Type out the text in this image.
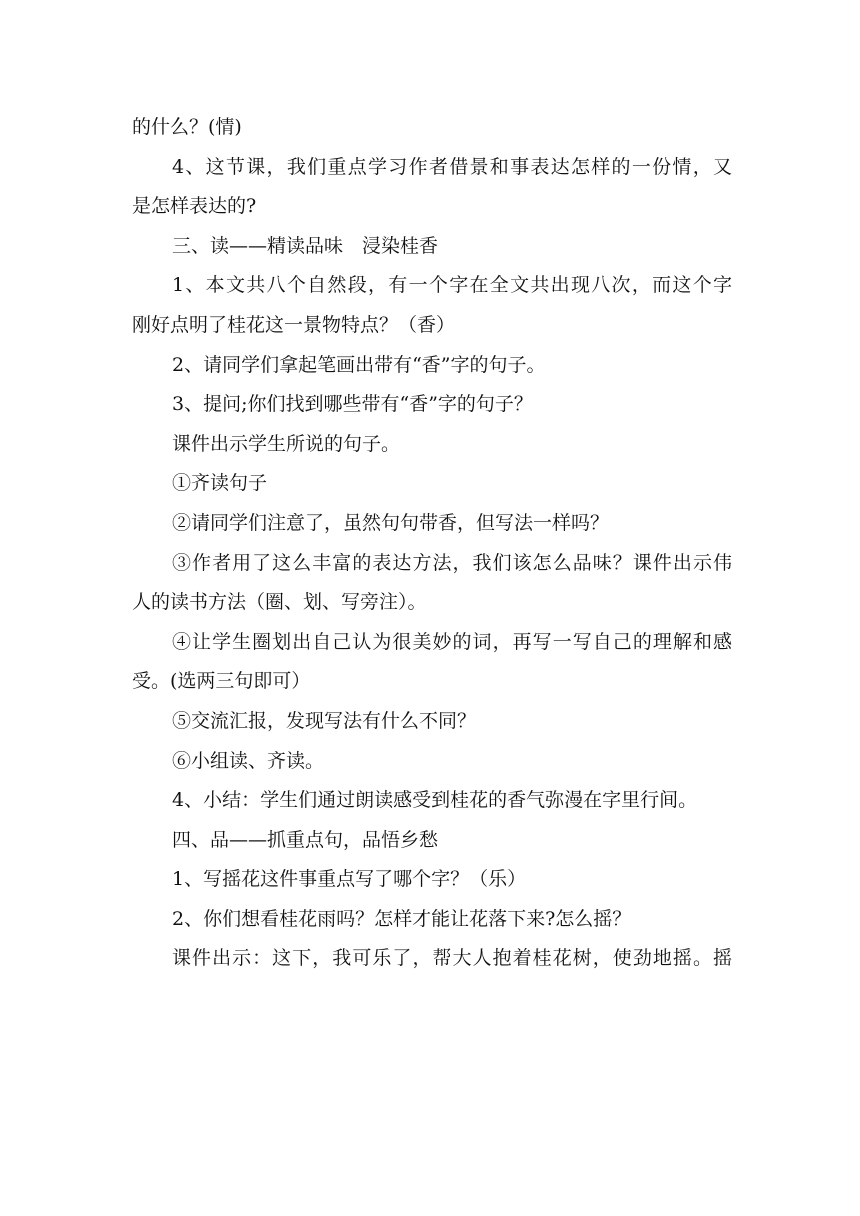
的什么？(情)
4、这节课，我们重点学习作者借景和事表达怎样的一份情，又
是怎样表达的?
三、读——精读品味　浸染桂香
1、本文共八个自然段，有一个字在全文共出现八次，而这个字
刚好点明了桂花这一景物特点？（香）
2、请同学们拿起笔画出带有“香”字的句子。
3、提问;你们找到哪些带有“香”字的句子？
课件出示学生所说的句子。
①齐读句子
②请同学们注意了，虽然句句带香，但写法一样吗？
③作者用了这么丰富的表达方法，我们该怎么品味？课件出示伟
人的读书方法（圈、划、写旁注）。
④让学生圈划出自己认为很美妙的词，再写一写自己的理解和感
受。(选两三句即可）
⑤交流汇报，发现写法有什么不同？
⑥小组读、齐读。
4、小结：学生们通过朗读感受到桂花的香气弥漫在字里行间。
四、品——抓重点句，品悟乡愁
1、写摇花这件事重点写了哪个字？（乐）
2、你们想看桂花雨吗？怎样才能让花落下来?怎么摇？
课件出示：这下，我可乐了，帮大人抱着桂花树，使劲地摇。摇
